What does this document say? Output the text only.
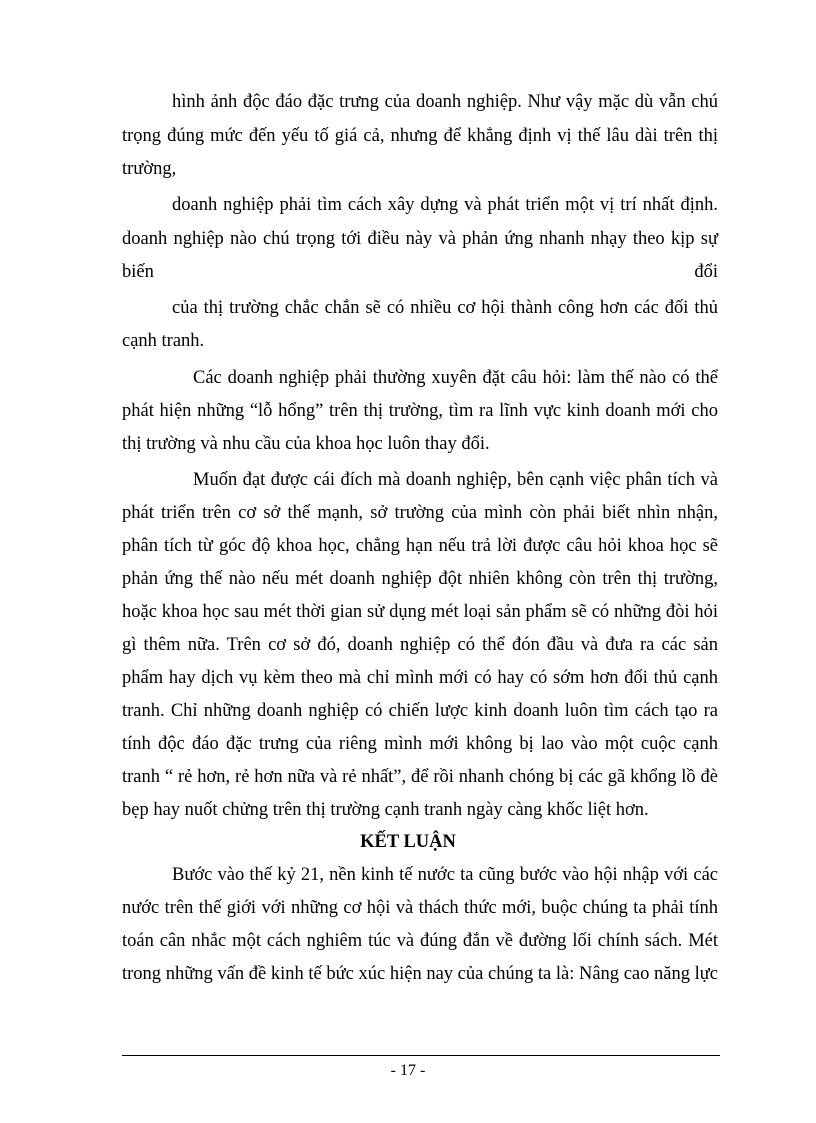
hình ảnh độc đáo đặc trưng của doanh nghiệp. Như vậy mặc dù vẫn chú
trọng đúng mức đến yếu tố giá cả, nhưng để khẳng định vị thế lâu dài trên thị
trường,
doanh nghiệp phải tìm cách xây dựng và phát triển một vị trí nhất định.
doanh nghiệp nào chú trọng tới điều này và phản ứng nhanh nhạy theo kịp sự
biến	đổi
của thị trường chắc chắn sẽ có nhiều cơ hội thành công hơn các đối thủ
cạnh tranh.
Các doanh nghiệp phải thường xuyên đặt câu hỏi: làm thế nào có thể
phát hiện những “lỗ hổng” trên thị trường, tìm ra lĩnh vực kinh doanh mới cho
thị trường và nhu cầu của khoa học luôn thay đổi.
Muốn đạt được cái đích mà doanh nghiệp, bên cạnh việc phân tích và
phát triển trên cơ sở thế mạnh, sở trường của mình còn phải biết nhìn nhận,
phân tích từ góc độ khoa học, chẳng hạn nếu trả lời được câu hỏi khoa học sẽ
phản ứng thế nào nếu mét doanh nghiệp đột nhiên không còn trên thị trường,
hoặc khoa học sau mét thời gian sử dụng mét loại sản phẩm sẽ có những đòi hỏi
gì thêm nữa. Trên cơ sở đó, doanh nghiệp có thể đón đầu và đưa ra các sản
phẩm hay dịch vụ kèm theo mà chỉ mình mới có hay có sớm hơn đối thủ cạnh
tranh. Chỉ những doanh nghiệp có chiến lược kinh doanh luôn tìm cách tạo ra
tính độc đáo đặc trưng của riêng mình mới không bị lao vào một cuộc cạnh
tranh “ rẻ hơn, rẻ hơn nữa và rẻ nhất”, để rồi nhanh chóng bị các gã khổng lồ đè
bẹp hay nuốt chửng trên thị trường cạnh tranh ngày càng khốc liệt hơn.
KẾT LUẬN
Bước vào thế kỷ 21, nền kinh tế nước ta cũng bước vào hội nhập với các
nước trên thế giới với những cơ hội và thách thức mới, buộc chúng ta phải tính
toán cân nhắc một cách nghiêm túc và đúng đắn về đường lối chính sách. Mét
trong những vấn đề kinh tế bức xúc hiện nay của chúng ta là: Nâng cao năng lực
- 17 -
